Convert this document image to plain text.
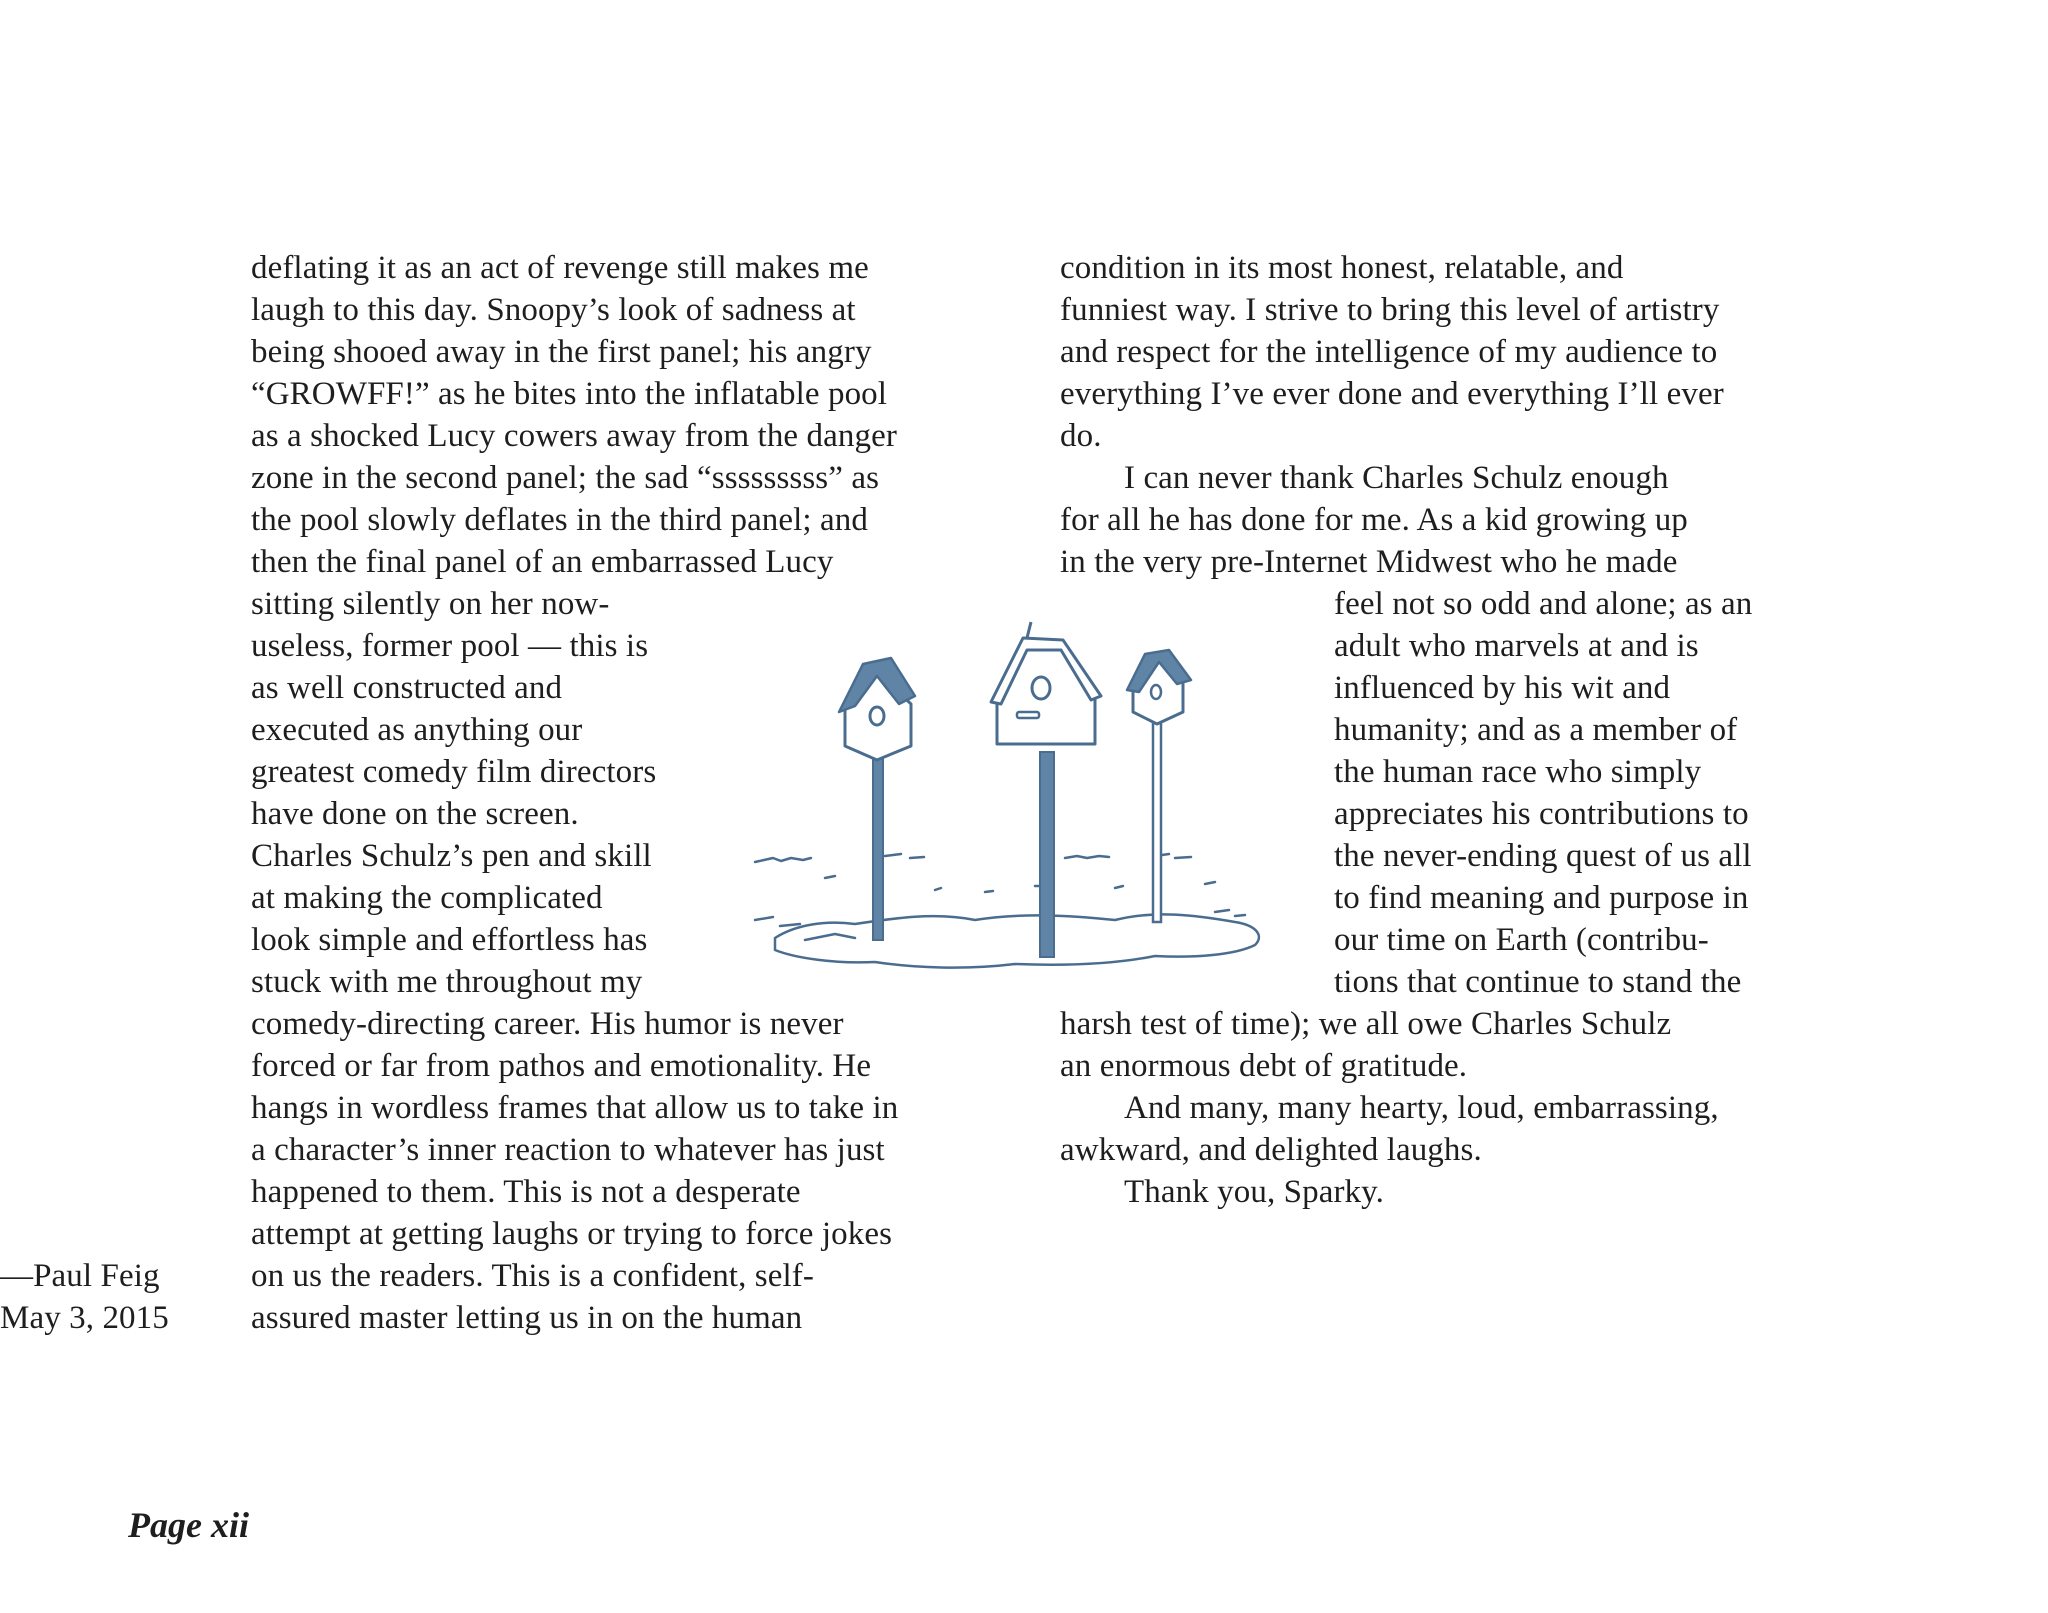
deflating it as an act of revenge still makes me
laugh to this day. Snoopy’s look of sadness at
being shooed away in the first panel; his angry
“GROWFF!” as he bites into the inflatable pool
as a shocked Lucy cowers away from the danger
zone in the second panel; the sad “sssssssss” as
the pool slowly deflates in the third panel; and
then the final panel of an embarrassed Lucy
sitting silently on her now-
useless, former pool — this is
as well constructed and
executed as anything our
greatest comedy film directors
have done on the screen.
Charles Schulz’s pen and skill
at making the complicated
look simple and effortless has
stuck with me throughout my
comedy-directing career. His humor is never
forced or far from pathos and emotionality. He
hangs in wordless frames that allow us to take in
a character’s inner reaction to whatever has just
happened to them. This is not a desperate
attempt at getting laughs or trying to force jokes
on us the readers. This is a confident, self-
assured master letting us in on the human
condition in its most honest, relatable, and
funniest way. I strive to bring this level of artistry
and respect for the intelligence of my audience to
everything I’ve ever done and everything I’ll ever
do.
I can never thank Charles Schulz enough
for all he has done for me. As a kid growing up
in the very pre-Internet Midwest who he made
feel not so odd and alone; as an
adult who marvels at and is
influenced by his wit and
humanity; and as a member of
the human race who simply
appreciates his contributions to
the never-ending quest of us all
to find meaning and purpose in
our time on Earth (contribu-
tions that continue to stand the
harsh test of time); we all owe Charles Schulz
an enormous debt of gratitude.
And many, many hearty, loud, embarrassing,
awkward, and delighted laughs.
Thank you, Sparky.
—Paul Feig
May 3, 2015
Page xii
